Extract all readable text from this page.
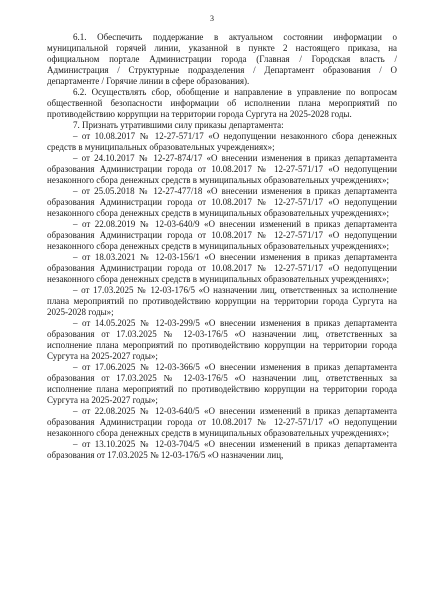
3

6.1. Обеспечить поддержание в актуальном состоянии информации о муниципальной горячей линии, указанной в пункте 2 настоящего приказа, на официальном портале Администрации города (Главная / Городская власть / Администрация / Структурные подразделения / Департамент образования / О департаменте / Горячие линии в сфере образования).

6.2. Осуществлять сбор, обобщение и направление в управление по вопросам общественной безопасности информации об исполнении плана мероприятий по противодействию коррупции на территории города Сургута на 2025-2028 годы.

7. Признать утратившими силу приказы департамента:

– от 10.08.2017 № 12-27-571/17 «О недопущении незаконного сбора денежных средств в муниципальных образовательных учреждениях»;

– от 24.10.2017 № 12-27-874/17 «О внесении изменения в приказ департамента образования Администрации города от 10.08.2017 № 12-27-571/17 «О недопущении незаконного сбора денежных средств в муниципальных образовательных учреждениях»;

– от 25.05.2018 № 12-27-477/18 «О внесении изменения в приказ департамента образования Администрации города от 10.08.2017 № 12-27-571/17 «О недопущении незаконного сбора денежных средств в муниципальных образовательных учреждениях»;

– от 22.08.2019 № 12-03-640/9 «О внесении изменений в приказ департамента образования Администрации города от 10.08.2017 № 12-27-571/17 «О недопущении незаконного сбора денежных средств в муниципальных образовательных учреждениях»;

– от 18.03.2021 № 12-03-156/1 «О внесении изменения в приказ департамента образования Администрации города от 10.08.2017 № 12-27-571/17 «О недопущении незаконного сбора денежных средств в муниципальных образовательных учреждениях»;

– от 17.03.2025 № 12-03-176/5 «О назначении лиц, ответственных за исполнение плана мероприятий по противодействию коррупции на территории города Сургута на 2025-2028 годы»;

– от 14.05.2025 № 12-03-299/5 «О внесении изменения в приказ департамента образования от 17.03.2025 № 12-03-176/5 «О назначении лиц, ответственных за исполнение плана мероприятий по противодействию коррупции на территории города Сургута на 2025-2027 годы»;

– от 17.06.2025 № 12-03-366/5 «О внесении изменения в приказ департамента образования от 17.03.2025 № 12-03-176/5 «О назначении лиц, ответственных за исполнение плана мероприятий по противодействию коррупции на территории города Сургута на 2025-2027 годы»;

– от 22.08.2025 № 12-03-640/5 «О внесении изменений в приказ департамента образования Администрации города от 10.08.2017 № 12-27-571/17 «О недопущении незаконного сбора денежных средств в муниципальных образовательных учреждениях»;

– от 13.10.2025 № 12-03-704/5 «О внесении изменений в приказ департамента образования от 17.03.2025 № 12-03-176/5 «О назначении лиц,
